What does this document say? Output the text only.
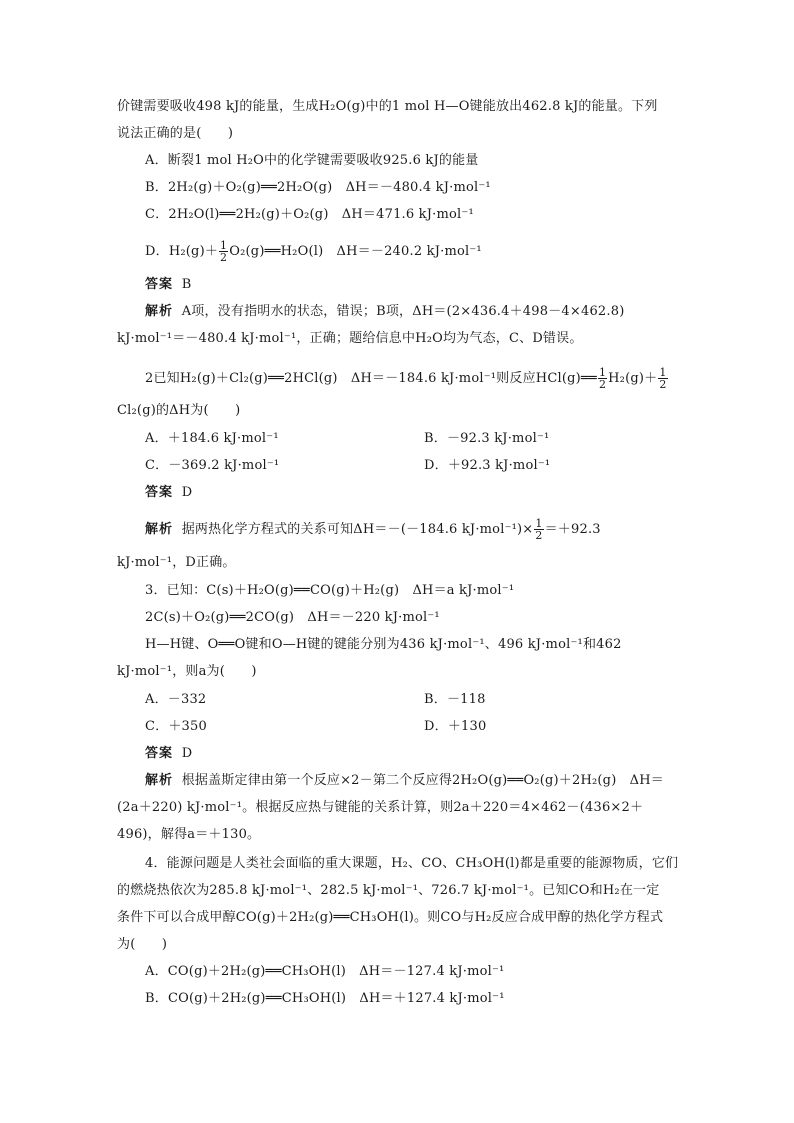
价键需要吸收498 kJ的能量，生成H₂O(g)中的1 mol H—O键能放出462.8 kJ的能量。下列
说法正确的是(　　)
A．断裂1 mol H₂O中的化学键需要吸收925.6 kJ的能量
B．2H₂(g)＋O₂(g)══2H₂O(g)　ΔH＝－480.4 kJ·mol⁻¹
C．2H₂O(l)══2H₂(g)＋O₂(g)　ΔH＝471.6 kJ·mol⁻¹
D．$H_2(g)+ \frac{1}{2}$ O₂(g)══H₂O(l)　ΔH＝－240.2 kJ·mol⁻¹
答案 B
解析 A项，没有指明水的状态，错误；B项，ΔH＝(2×436.4＋498－4×462.8)
kJ·mol⁻¹＝－480.4 kJ·mol⁻¹，正确；题给信息中H₂O均为气态，C、D错误。
2已知H₂(g)＋Cl₂(g)══2HCl(g)　ΔH＝－184.6 kJ·mol⁻¹则反应HCl(g)══ $\frac{1}{2} H_2(g)+ \frac{1}{2}$
Cl₂(g)的ΔH为(　　)
A．＋184.6 kJ·mol⁻¹	B．－92.3 kJ·mol⁻¹
C．－369.2 kJ·mol⁻¹	D．＋92.3 kJ·mol⁻¹
答案 D
解析 据两热化学方程式的关系可知ΔH＝－(－184.6 $kJ\cdot mol^{-1})\times \frac{1}{2} =+92.3$
kJ·mol⁻¹，D正确。
3．已知：C(s)＋H₂O(g)══CO(g)＋H₂(g)　ΔH＝a kJ·mol⁻¹
2C(s)＋O₂(g)══2CO(g)　ΔH＝－220 kJ·mol⁻¹
H—H键、O══O键和O—H键的键能分别为436 kJ·mol⁻¹、496 kJ·mol⁻¹和462
kJ·mol⁻¹，则a为(　　)
A．－332	B．－118
C．＋350	D．＋130
答案 D
解析 根据盖斯定律由第一个反应×2－第二个反应得2H₂O(g)══O₂(g)＋2H₂(g)　ΔH＝
(2a＋220) kJ·mol⁻¹。根据反应热与键能的关系计算，则2a＋220＝4×462－(436×2＋
496)，解得a＝＋130。
4．能源问题是人类社会面临的重大课题，H₂、CO、CH₃OH(l)都是重要的能源物质，它们
的燃烧热依次为285.8 kJ·mol⁻¹、282.5 kJ·mol⁻¹、726.7 kJ·mol⁻¹。已知CO和H₂在一定
条件下可以合成甲醇CO(g)＋2H₂(g)══CH₃OH(l)。则CO与H₂反应合成甲醇的热化学方程式
为(　　)
A．CO(g)＋2H₂(g)══CH₃OH(l)　ΔH＝－127.4 kJ·mol⁻¹
B．CO(g)＋2H₂(g)══CH₃OH(l)　ΔH＝＋127.4 kJ·mol⁻¹
